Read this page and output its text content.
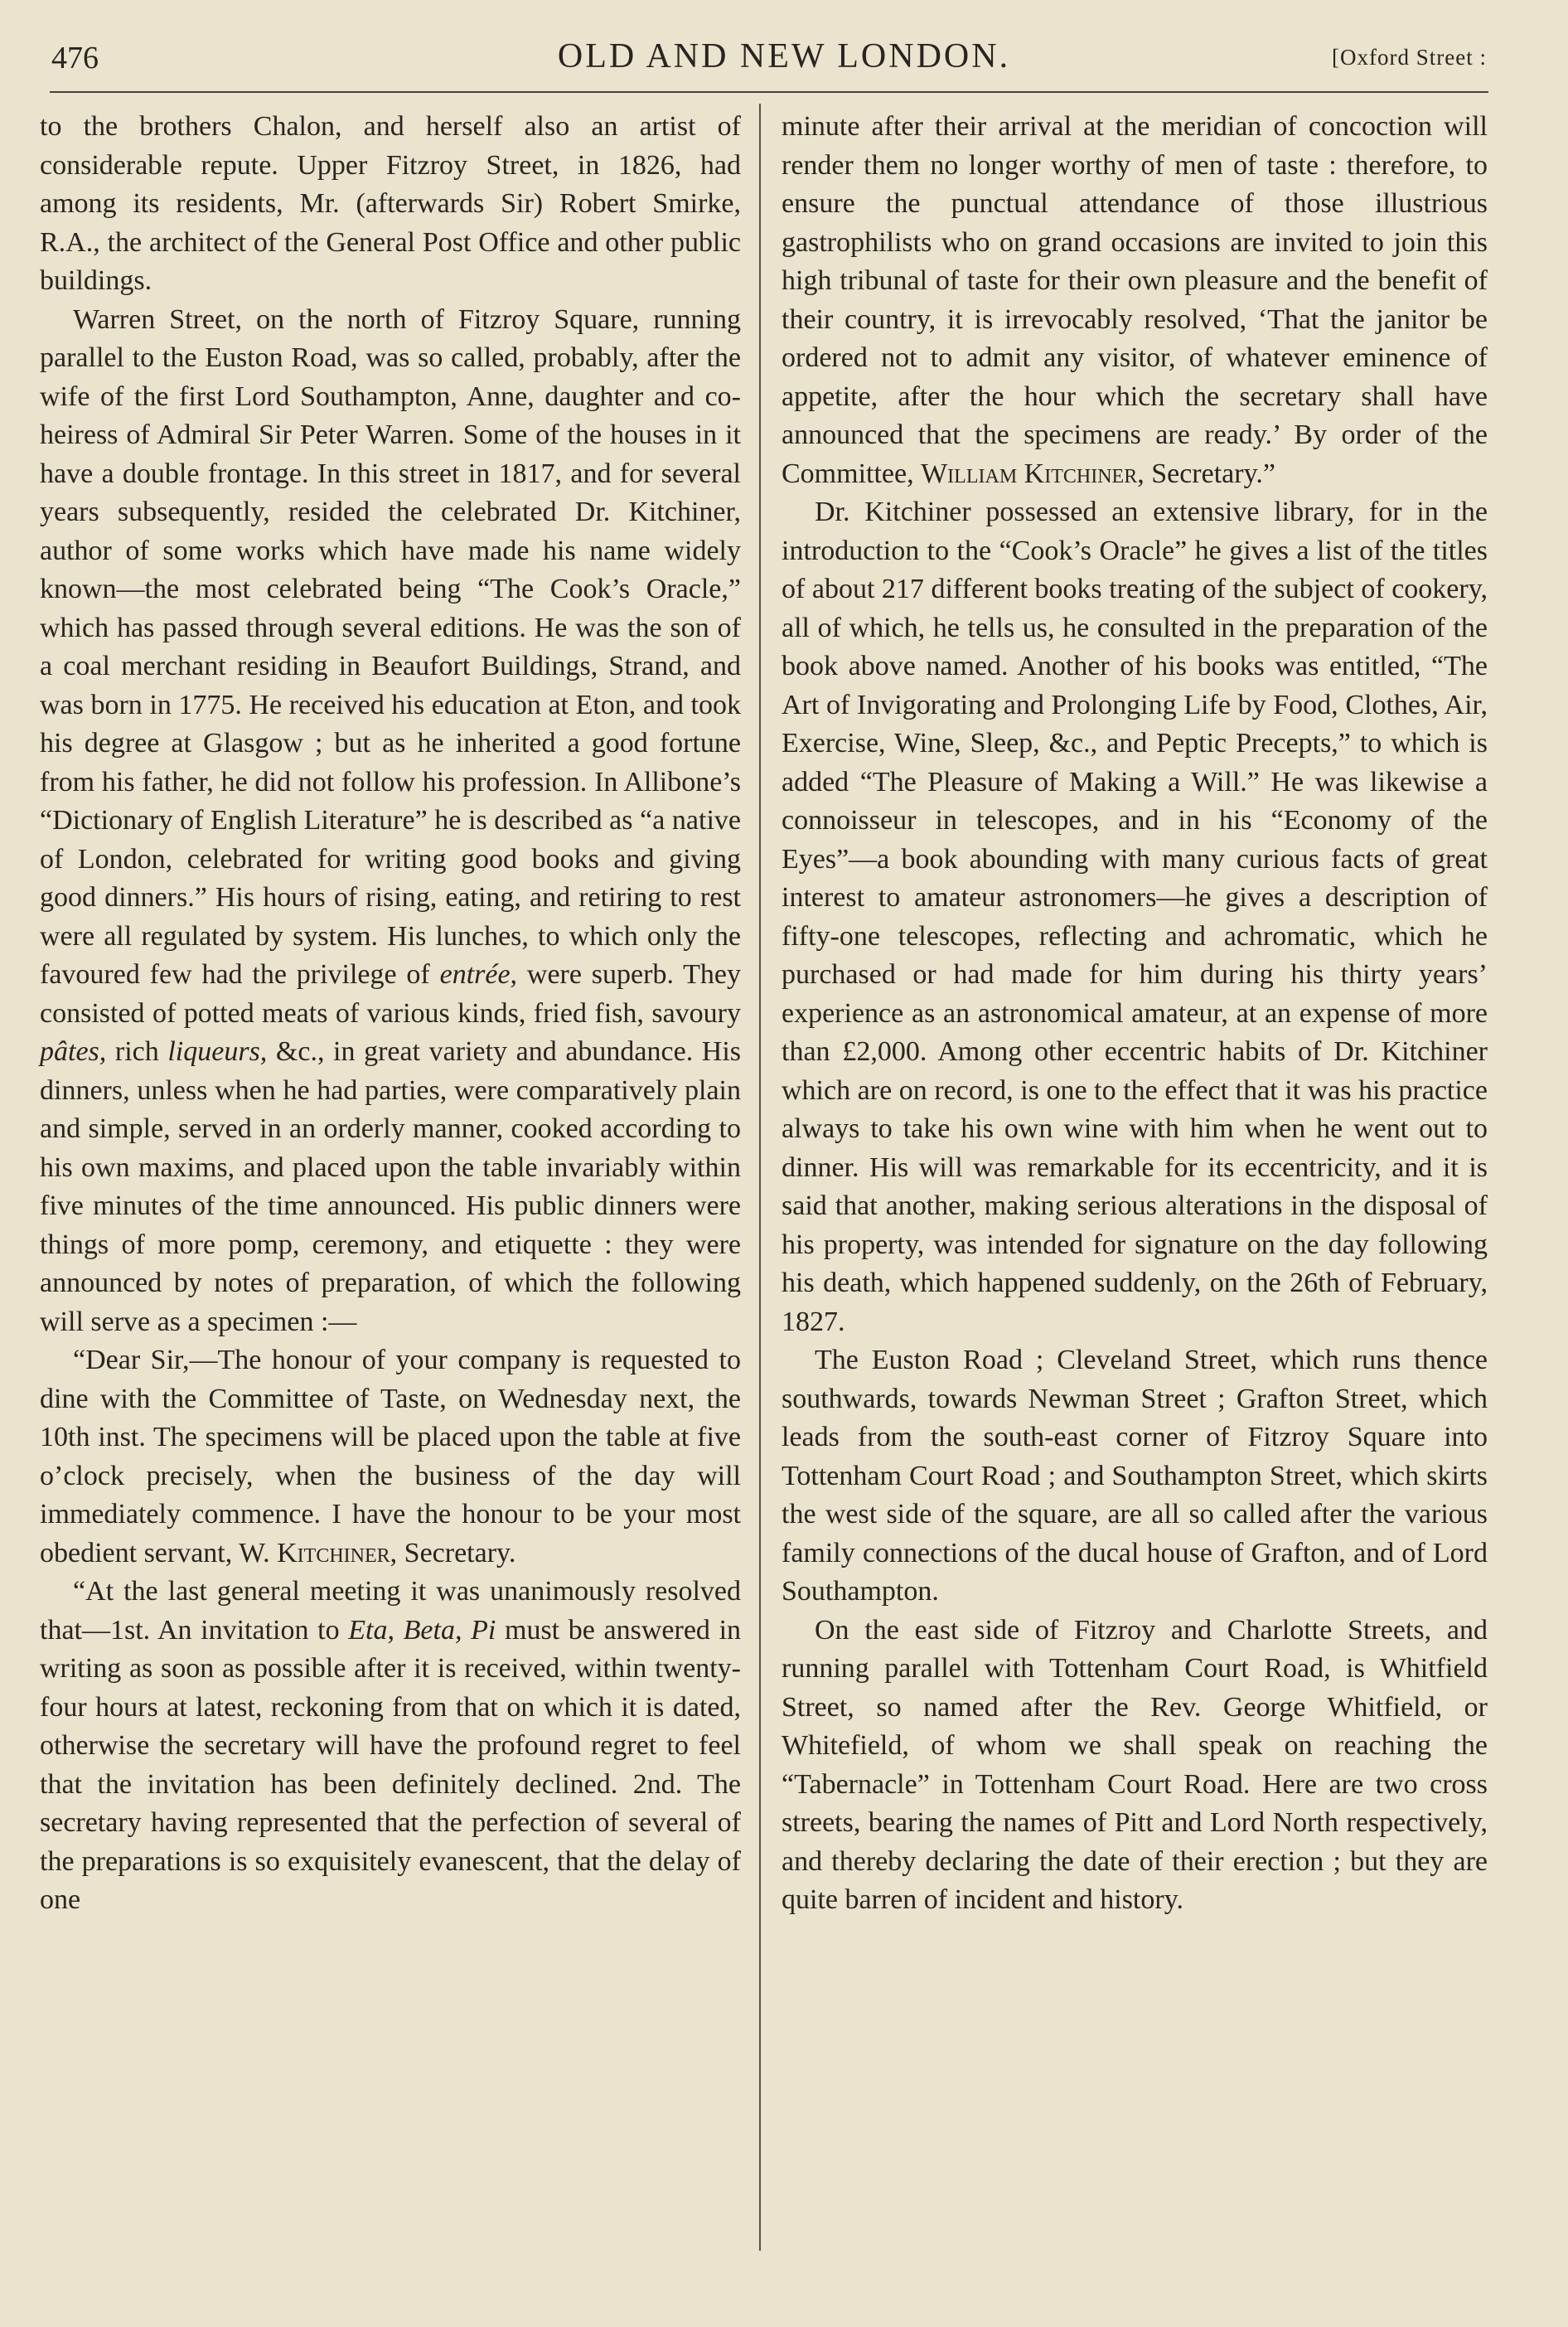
476	OLD AND NEW LONDON.	[Oxford Street :

to the brothers Chalon, and herself also an artist of considerable repute. Upper Fitzroy Street, in 1826, had among its residents, Mr. (afterwards Sir) Robert Smirke, R.A., the architect of the General Post Office and other public buildings.

Warren Street, on the north of Fitzroy Square, running parallel to the Euston Road, was so called, probably, after the wife of the first Lord Southampton, Anne, daughter and co-heiress of Admiral Sir Peter Warren. Some of the houses in it have a double frontage. In this street in 1817, and for several years subsequently, resided the celebrated Dr. Kitchiner, author of some works which have made his name widely known—the most celebrated being “The Cook’s Oracle,” which has passed through several editions. He was the son of a coal merchant residing in Beaufort Buildings, Strand, and was born in 1775. He received his education at Eton, and took his degree at Glasgow ; but as he inherited a good fortune from his father, he did not follow his profession. In Allibone’s “Dictionary of English Literature” he is described as “a native of London, celebrated for writing good books and giving good dinners.” His hours of rising, eating, and retiring to rest were all regulated by system. His lunches, to which only the favoured few had the privilege of entrée, were superb. They consisted of potted meats of various kinds, fried fish, savoury pâtes, rich liqueurs, &c., in great variety and abundance. His dinners, unless when he had parties, were comparatively plain and simple, served in an orderly manner, cooked according to his own maxims, and placed upon the table invariably within five minutes of the time announced. His public dinners were things of more pomp, ceremony, and etiquette : they were announced by notes of preparation, of which the following will serve as a specimen :—

“Dear Sir,—The honour of your company is requested to dine with the Committee of Taste, on Wednesday next, the 10th inst. The specimens will be placed upon the table at five o’clock precisely, when the business of the day will immediately commence. I have the honour to be your most obedient servant, W. Kitchiner, Secretary.

“At the last general meeting it was unanimously resolved that—1st. An invitation to Eta, Beta, Pi must be answered in writing as soon as possible after it is received, within twenty-four hours at latest, reckoning from that on which it is dated, otherwise the secretary will have the profound regret to feel that the invitation has been definitely declined. 2nd. The secretary having represented that the perfection of several of the preparations is so exquisitely evanescent, that the delay of one

minute after their arrival at the meridian of concoction will render them no longer worthy of men of taste : therefore, to ensure the punctual attendance of those illustrious gastrophilists who on grand occasions are invited to join this high tribunal of taste for their own pleasure and the benefit of their country, it is irrevocably resolved, ‘That the janitor be ordered not to admit any visitor, of whatever eminence of appetite, after the hour which the secretary shall have announced that the specimens are ready.’ By order of the Committee, William Kitchiner, Secretary.”

Dr. Kitchiner possessed an extensive library, for in the introduction to the “Cook’s Oracle” he gives a list of the titles of about 217 different books treating of the subject of cookery, all of which, he tells us, he consulted in the preparation of the book above named. Another of his books was entitled, “The Art of Invigorating and Prolonging Life by Food, Clothes, Air, Exercise, Wine, Sleep, &c., and Peptic Precepts,” to which is added “The Pleasure of Making a Will.” He was likewise a connoisseur in telescopes, and in his “Economy of the Eyes”—a book abounding with many curious facts of great interest to amateur astronomers—he gives a description of fifty-one telescopes, reflecting and achromatic, which he purchased or had made for him during his thirty years’ experience as an astronomical amateur, at an expense of more than £2,000. Among other eccentric habits of Dr. Kitchiner which are on record, is one to the effect that it was his practice always to take his own wine with him when he went out to dinner. His will was remarkable for its eccentricity, and it is said that another, making serious alterations in the disposal of his property, was intended for signature on the day following his death, which happened suddenly, on the 26th of February, 1827.

The Euston Road ; Cleveland Street, which runs thence southwards, towards Newman Street ; Grafton Street, which leads from the south-east corner of Fitzroy Square into Tottenham Court Road ; and Southampton Street, which skirts the west side of the square, are all so called after the various family connections of the ducal house of Grafton, and of Lord Southampton.

On the east side of Fitzroy and Charlotte Streets, and running parallel with Tottenham Court Road, is Whitfield Street, so named after the Rev. George Whitfield, or Whitefield, of whom we shall speak on reaching the “Tabernacle” in Tottenham Court Road. Here are two cross streets, bearing the names of Pitt and Lord North respectively, and thereby declaring the date of their erection ; but they are quite barren of incident and history.
